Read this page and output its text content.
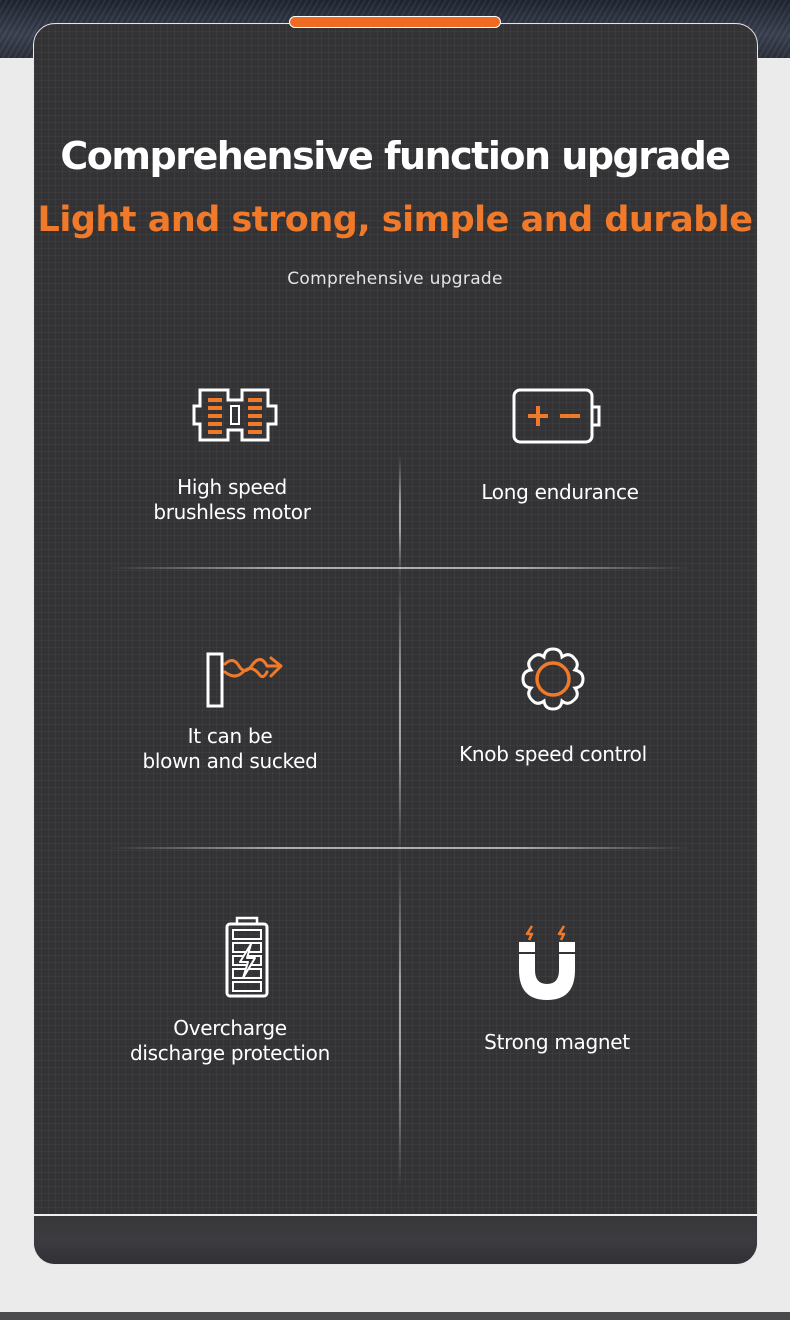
Comprehensive function upgrade
Light and strong, simple and durable
Comprehensive upgrade
High speed
brushless motor
Long endurance
It can be
blown and sucked	Knob speed control
Overcharge
discharge protection	Strong magnet
